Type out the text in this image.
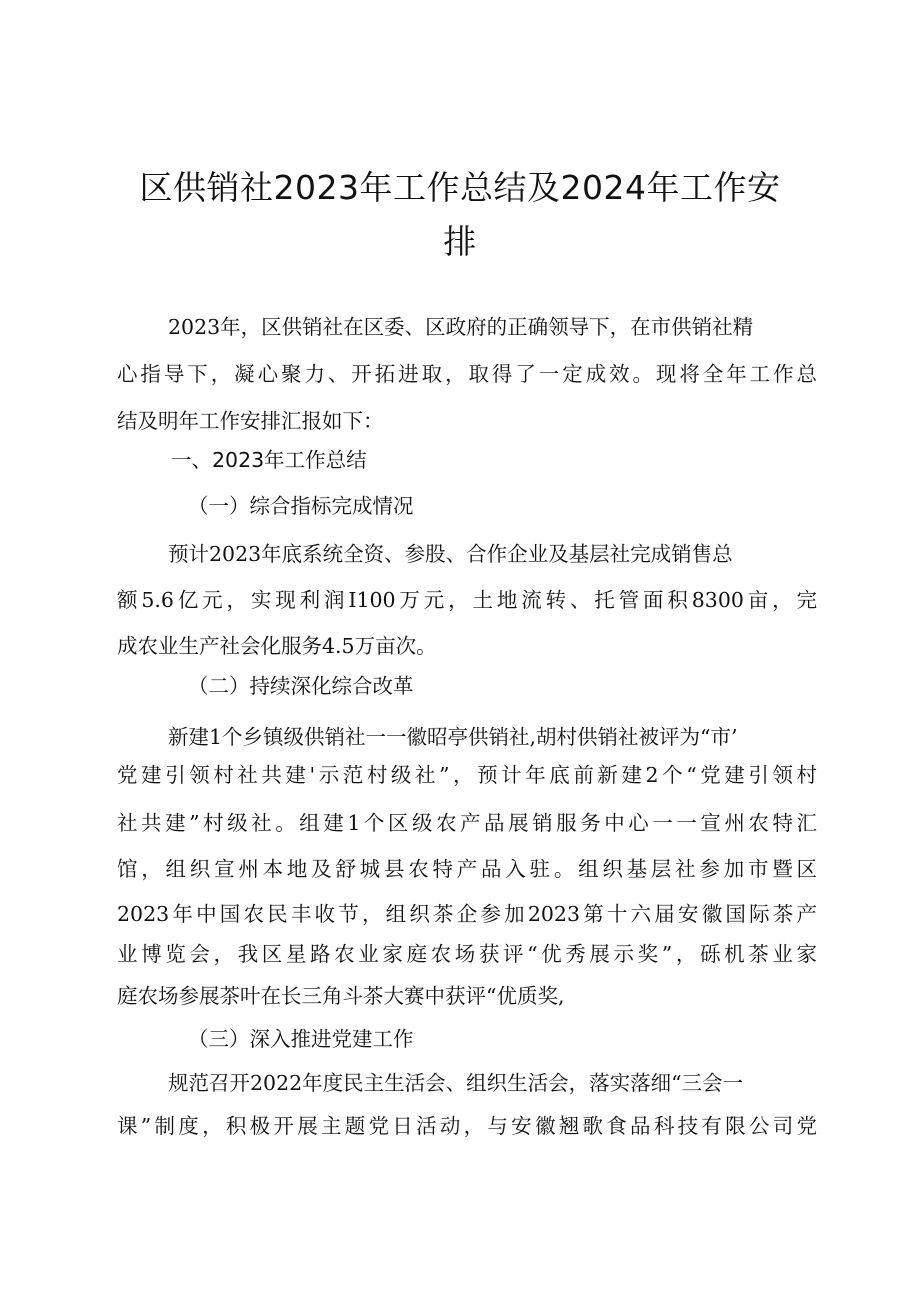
区供销社2023年工作总结及2024年工作安
排
2023年，区供销社在区委、区政府的正确领导下，在市供销社精
心指导下，凝心聚力、开拓进取，取得了一定成效。现将全年工作总
结及明年工作安排汇报如下：
一、2023年工作总结
（一）综合指标完成情况
预计2023年底系统全资、参股、合作企业及基层社完成销售总
额5.6亿元，实现利润I100万元，土地流转、托管面积8300亩，完
成农业生产社会化服务4.5万亩次。
（二）持续深化综合改革
新建1个乡镇级供销社一一徽昭亭供销社,胡村供销社被评为“市’
党建引领村社共建'示范村级社”，预计年底前新建2个“党建引领村
社共建”村级社。组建1个区级农产品展销服务中心一一宣州农特汇
馆，组织宣州本地及舒城县农特产品入驻。组织基层社参加市暨区
2023年中国农民丰收节，组织茶企参加2023第十六届安徽国际茶产
业博览会，我区星路农业家庭农场获评“优秀展示奖”，砾机茶业家
庭农场参展茶叶在长三角斗茶大赛中获评“优质奖,
（三）深入推进党建工作
规范召开2022年度民主生活会、组织生活会，落实落细“三会一
课”制度，积极开展主题党日活动，与安徽翘歌食品科技有限公司党
